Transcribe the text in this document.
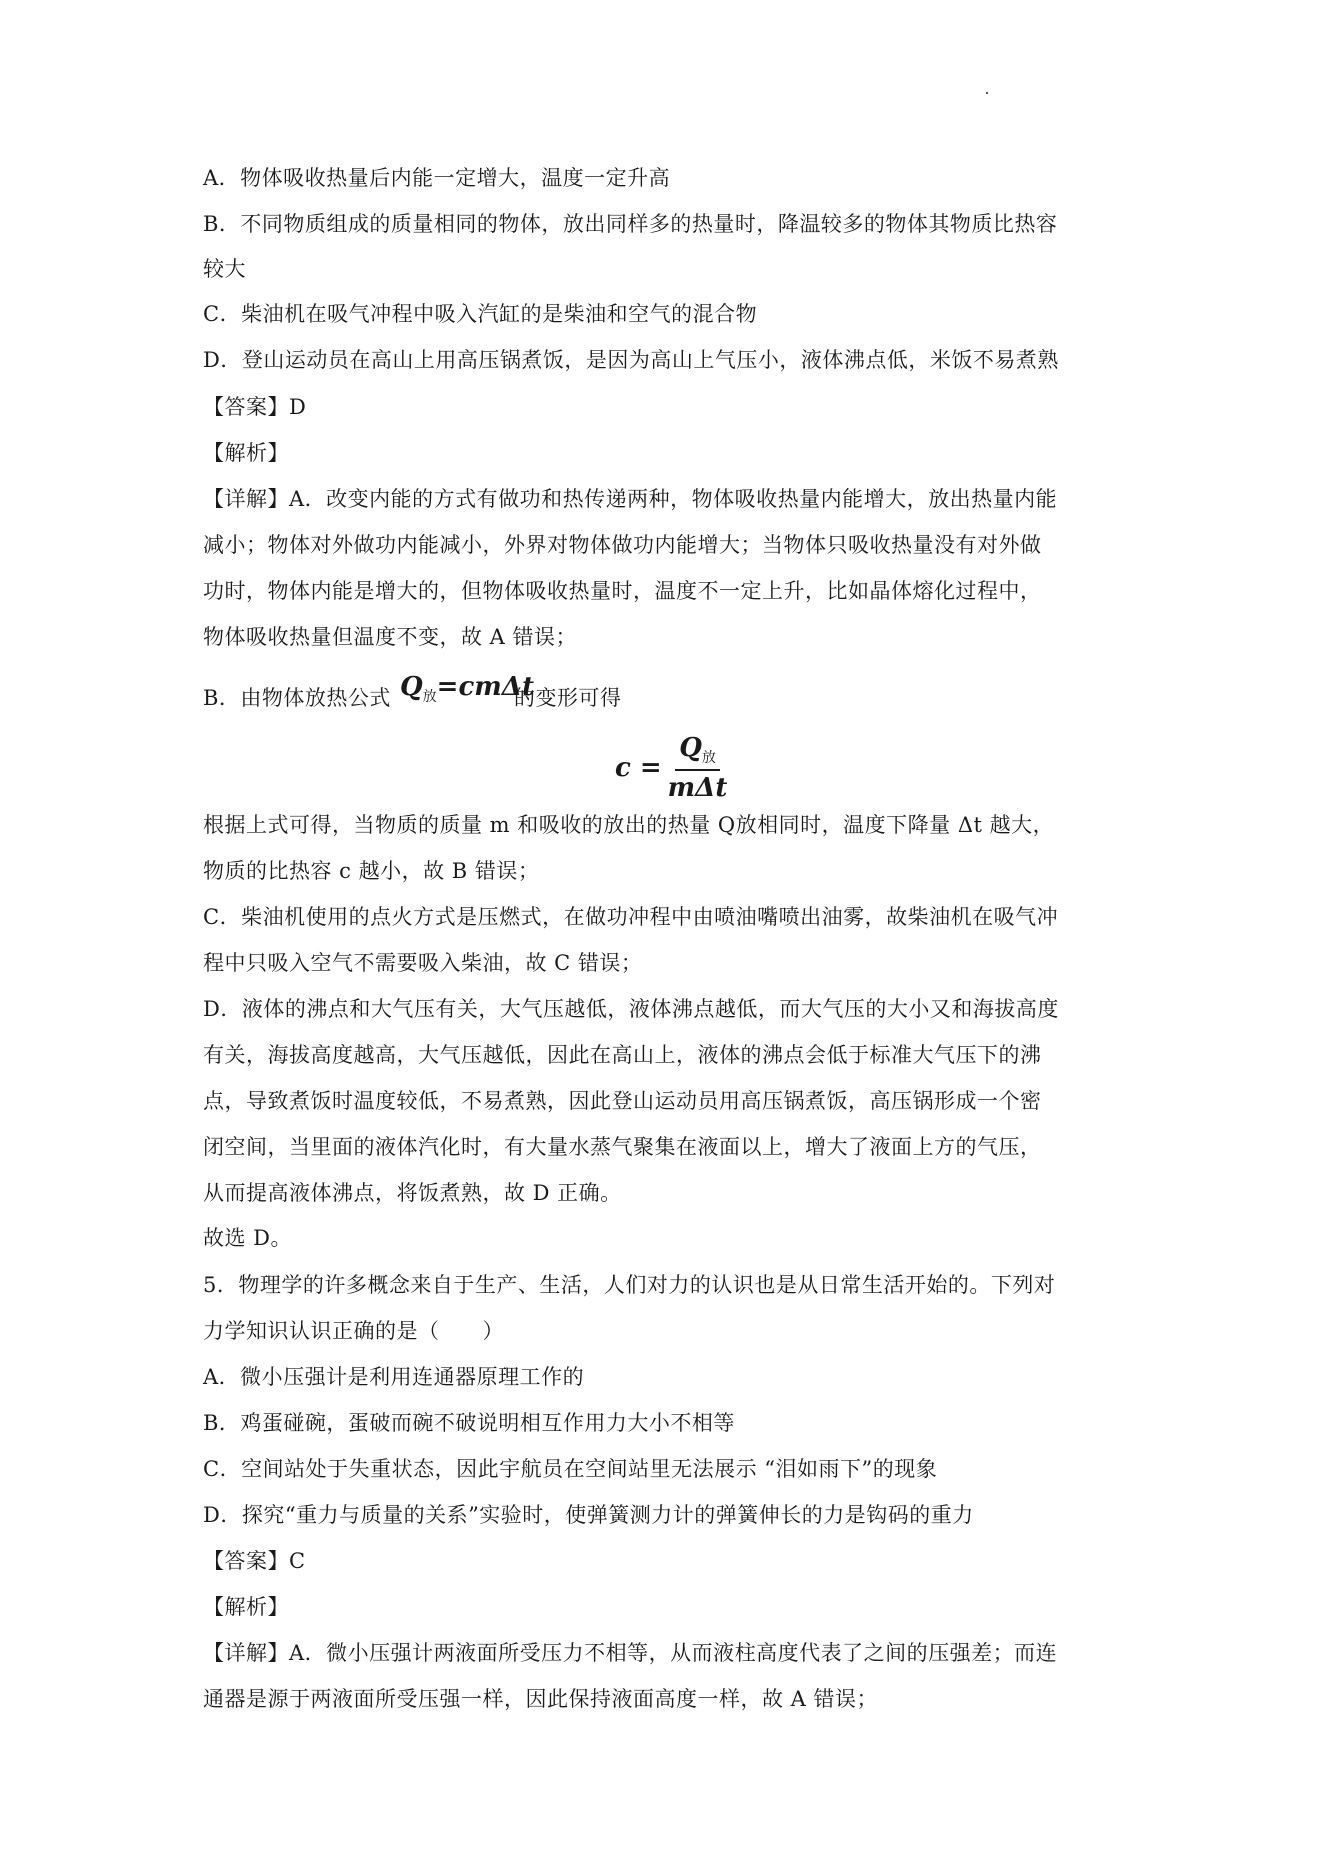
A．物体吸收热量后内能一定增大，温度一定升高
B．不同物质组成的质量相同的物体，放出同样多的热量时，降温较多的物体其物质比热容
较大
C．柴油机在吸气冲程中吸入汽缸的是柴油和空气的混合物
D．登山运动员在高山上用高压锅煮饭，是因为高山上气压小，液体沸点低，米饭不易煮熟
【答案】D
【解析】
【详解】A．改变内能的方式有做功和热传递两种，物体吸收热量内能增大，放出热量内能
减小；物体对外做功内能减小，外界对物体做功内能增大；当物体只吸收热量没有对外做
功时，物体内能是增大的，但物体吸收热量时，温度不一定上升，比如晶体熔化过程中，
物体吸收热量但温度不变，故 A 错误；
B．由物体放热公式 $Q_放=cm\Delta t$
的变形可得
$c = \frac{Q_放}{\text{mΔt}}$
根据上式可得，当物质的质量 m 和吸收的放出的热量 Q放相同时，温度下降量 Δt 越大，
物质的比热容 c 越小，故 B 错误；
C．柴油机使用的点火方式是压燃式，在做功冲程中由喷油嘴喷出油雾，故柴油机在吸气冲
程中只吸入空气不需要吸入柴油，故 C 错误；
D．液体的沸点和大气压有关，大气压越低，液体沸点越低，而大气压的大小又和海拔高度
有关，海拔高度越高，大气压越低，因此在高山上，液体的沸点会低于标准大气压下的沸
点，导致煮饭时温度较低，不易煮熟，因此登山运动员用高压锅煮饭，高压锅形成一个密
闭空间，当里面的液体汽化时，有大量水蒸气聚集在液面以上，增大了液面上方的气压，
从而提高液体沸点，将饭煮熟，故 D 正确。
故选 D。
5．物理学的许多概念来自于生产、生活，人们对力的认识也是从日常生活开始的。下列对
力学知识认识正确的是（　　）
A．微小压强计是利用连通器原理工作的
B．鸡蛋碰碗，蛋破而碗不破说明相互作用力大小不相等
C．空间站处于失重状态，因此宇航员在空间站里无法展示 “泪如雨下”的现象
D．探究“重力与质量的关系”实验时，使弹簧测力计的弹簧伸长的力是钩码的重力
【答案】C
【解析】
【详解】A．微小压强计两液面所受压力不相等，从而液柱高度代表了之间的压强差；而连
通器是源于两液面所受压强一样，因此保持液面高度一样，故 A 错误；
